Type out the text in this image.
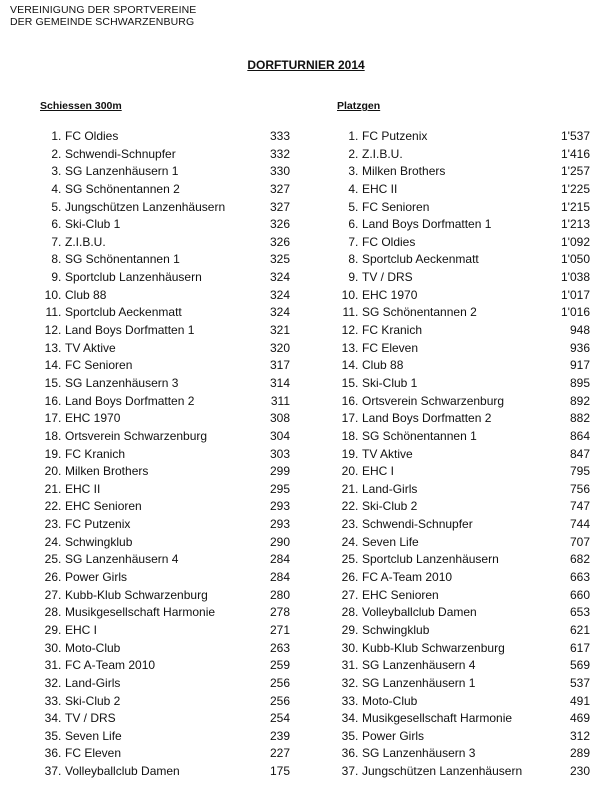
VEREINIGUNG DER SPORTVEREINE
DER GEMEINDE SCHWARZENBURG
DORFTURNIER 2014
Schiessen 300m
1 . FC Oldies	333
2 . Schwendi-Schnupfer	332
3 . SG Lanzenhäusern 1	330
4 . SG Schönentannen 2	327
5 . Jungschützen Lanzenhäusern	327
6 . Ski-Club 1	326
7 . Z.I.B.U.	326
8 . SG Schönentannen 1	325
9 . Sportclub Lanzenhäusern	324
10 . Club 88	324
11 . Sportclub Aeckenmatt	324
12 . Land Boys Dorfmatten 1	321
13 . TV Aktive	320
14 . FC Senioren	317
15 . SG Lanzenhäusern 3	314
16 . Land Boys Dorfmatten 2	311
17 . EHC 1970	308
18 . Ortsverein Schwarzenburg	304
19 . FC Kranich	303
20 . Milken Brothers	299
21 . EHC II	295
22 . EHC Senioren	293
23 . FC Putzenix	293
24 . Schwingklub	290
25 . SG Lanzenhäusern 4	284
26 . Power Girls	284
27 . Kubb-Klub Schwarzenburg	280
28 . Musikgesellschaft Harmonie	278
29 . EHC I	271
30 . Moto-Club	263
31 . FC A-Team 2010	259
32 . Land-Girls	256
33 . Ski-Club 2	256
34 . TV / DRS	254
35 . Seven Life	239
36 . FC Eleven	227
37 . Volleyballclub Damen	175
Platzgen
1 . FC Putzenix	1'537
2 . Z.I.B.U.	1'416
3 . Milken Brothers	1'257
4 . EHC II	1'225
5 . FC Senioren	1'215
6 . Land Boys Dorfmatten 1	1'213
7 . FC Oldies	1'092
8 . Sportclub Aeckenmatt	1'050
9 . TV / DRS	1'038
10 . EHC 1970	1'017
11 . SG Schönentannen 2	1'016
12 . FC Kranich	948
13 . FC Eleven	936
14 . Club 88	917
15 . Ski-Club 1	895
16 . Ortsverein Schwarzenburg	892
17 . Land Boys Dorfmatten 2	882
18 . SG Schönentannen 1	864
19 . TV Aktive	847
20 . EHC I	795
21 . Land-Girls	756
22 . Ski-Club 2	747
23 . Schwendi-Schnupfer	744
24 . Seven Life	707
25 . Sportclub Lanzenhäusern	682
26 . FC A-Team 2010	663
27 . EHC Senioren	660
28 . Volleyballclub Damen	653
29 . Schwingklub	621
30 . Kubb-Klub Schwarzenburg	617
31 . SG Lanzenhäusern 4	569
32 . SG Lanzenhäusern 1	537
33 . Moto-Club	491
34 . Musikgesellschaft Harmonie	469
35 . Power Girls	312
36 . SG Lanzenhäusern 3	289
37 . Jungschützen Lanzenhäusern	230
